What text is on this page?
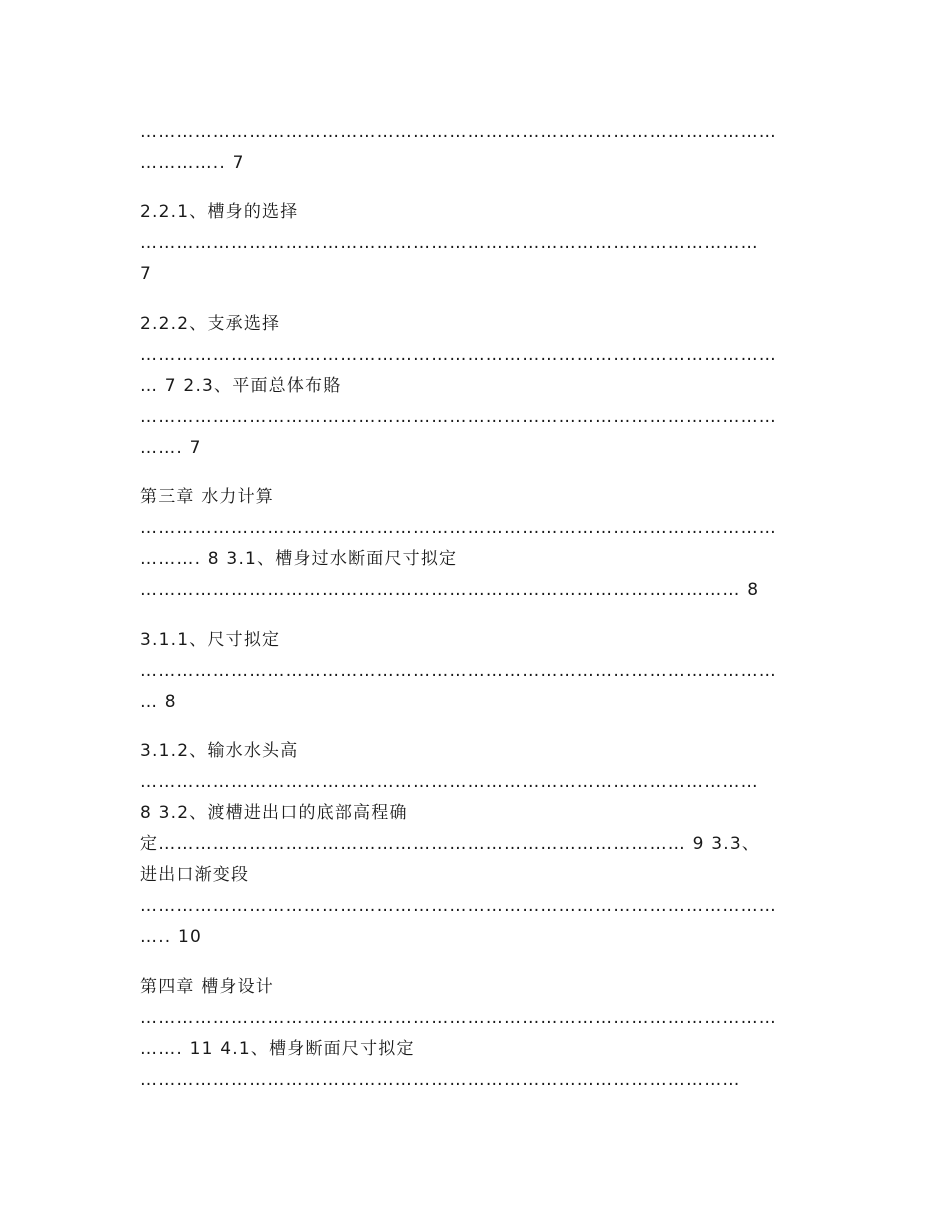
……………………………………………………………………………………………
………….. 7
2.2.1、槽身的选择
…………………………………………………………………………………………
7
2.2.2、支承选择
……………………………………………………………………………………………
… 7 2.3、平面总体布賂
……………………………………………………………………………………………
……. 7
第三章 水力计算
……………………………………………………………………………………………
………. 8 3.1、槽身过水断面尺寸拟定
……………………………………………………………………………………… 8
3.1.1、尺寸拟定
……………………………………………………………………………………………
… 8
3.1.2、输水水头高
…………………………………………………………………………………………
8 3.2、渡槽进出口的底部高程确
定…………………………………………………………………………… 9 3.3、
进出口渐变段
……………………………………………………………………………………………
….. 10
第四章 槽身设计
……………………………………………………………………………………………
……. 11 4.1、槽身断面尺寸拟定
………………………………………………………………………………………
